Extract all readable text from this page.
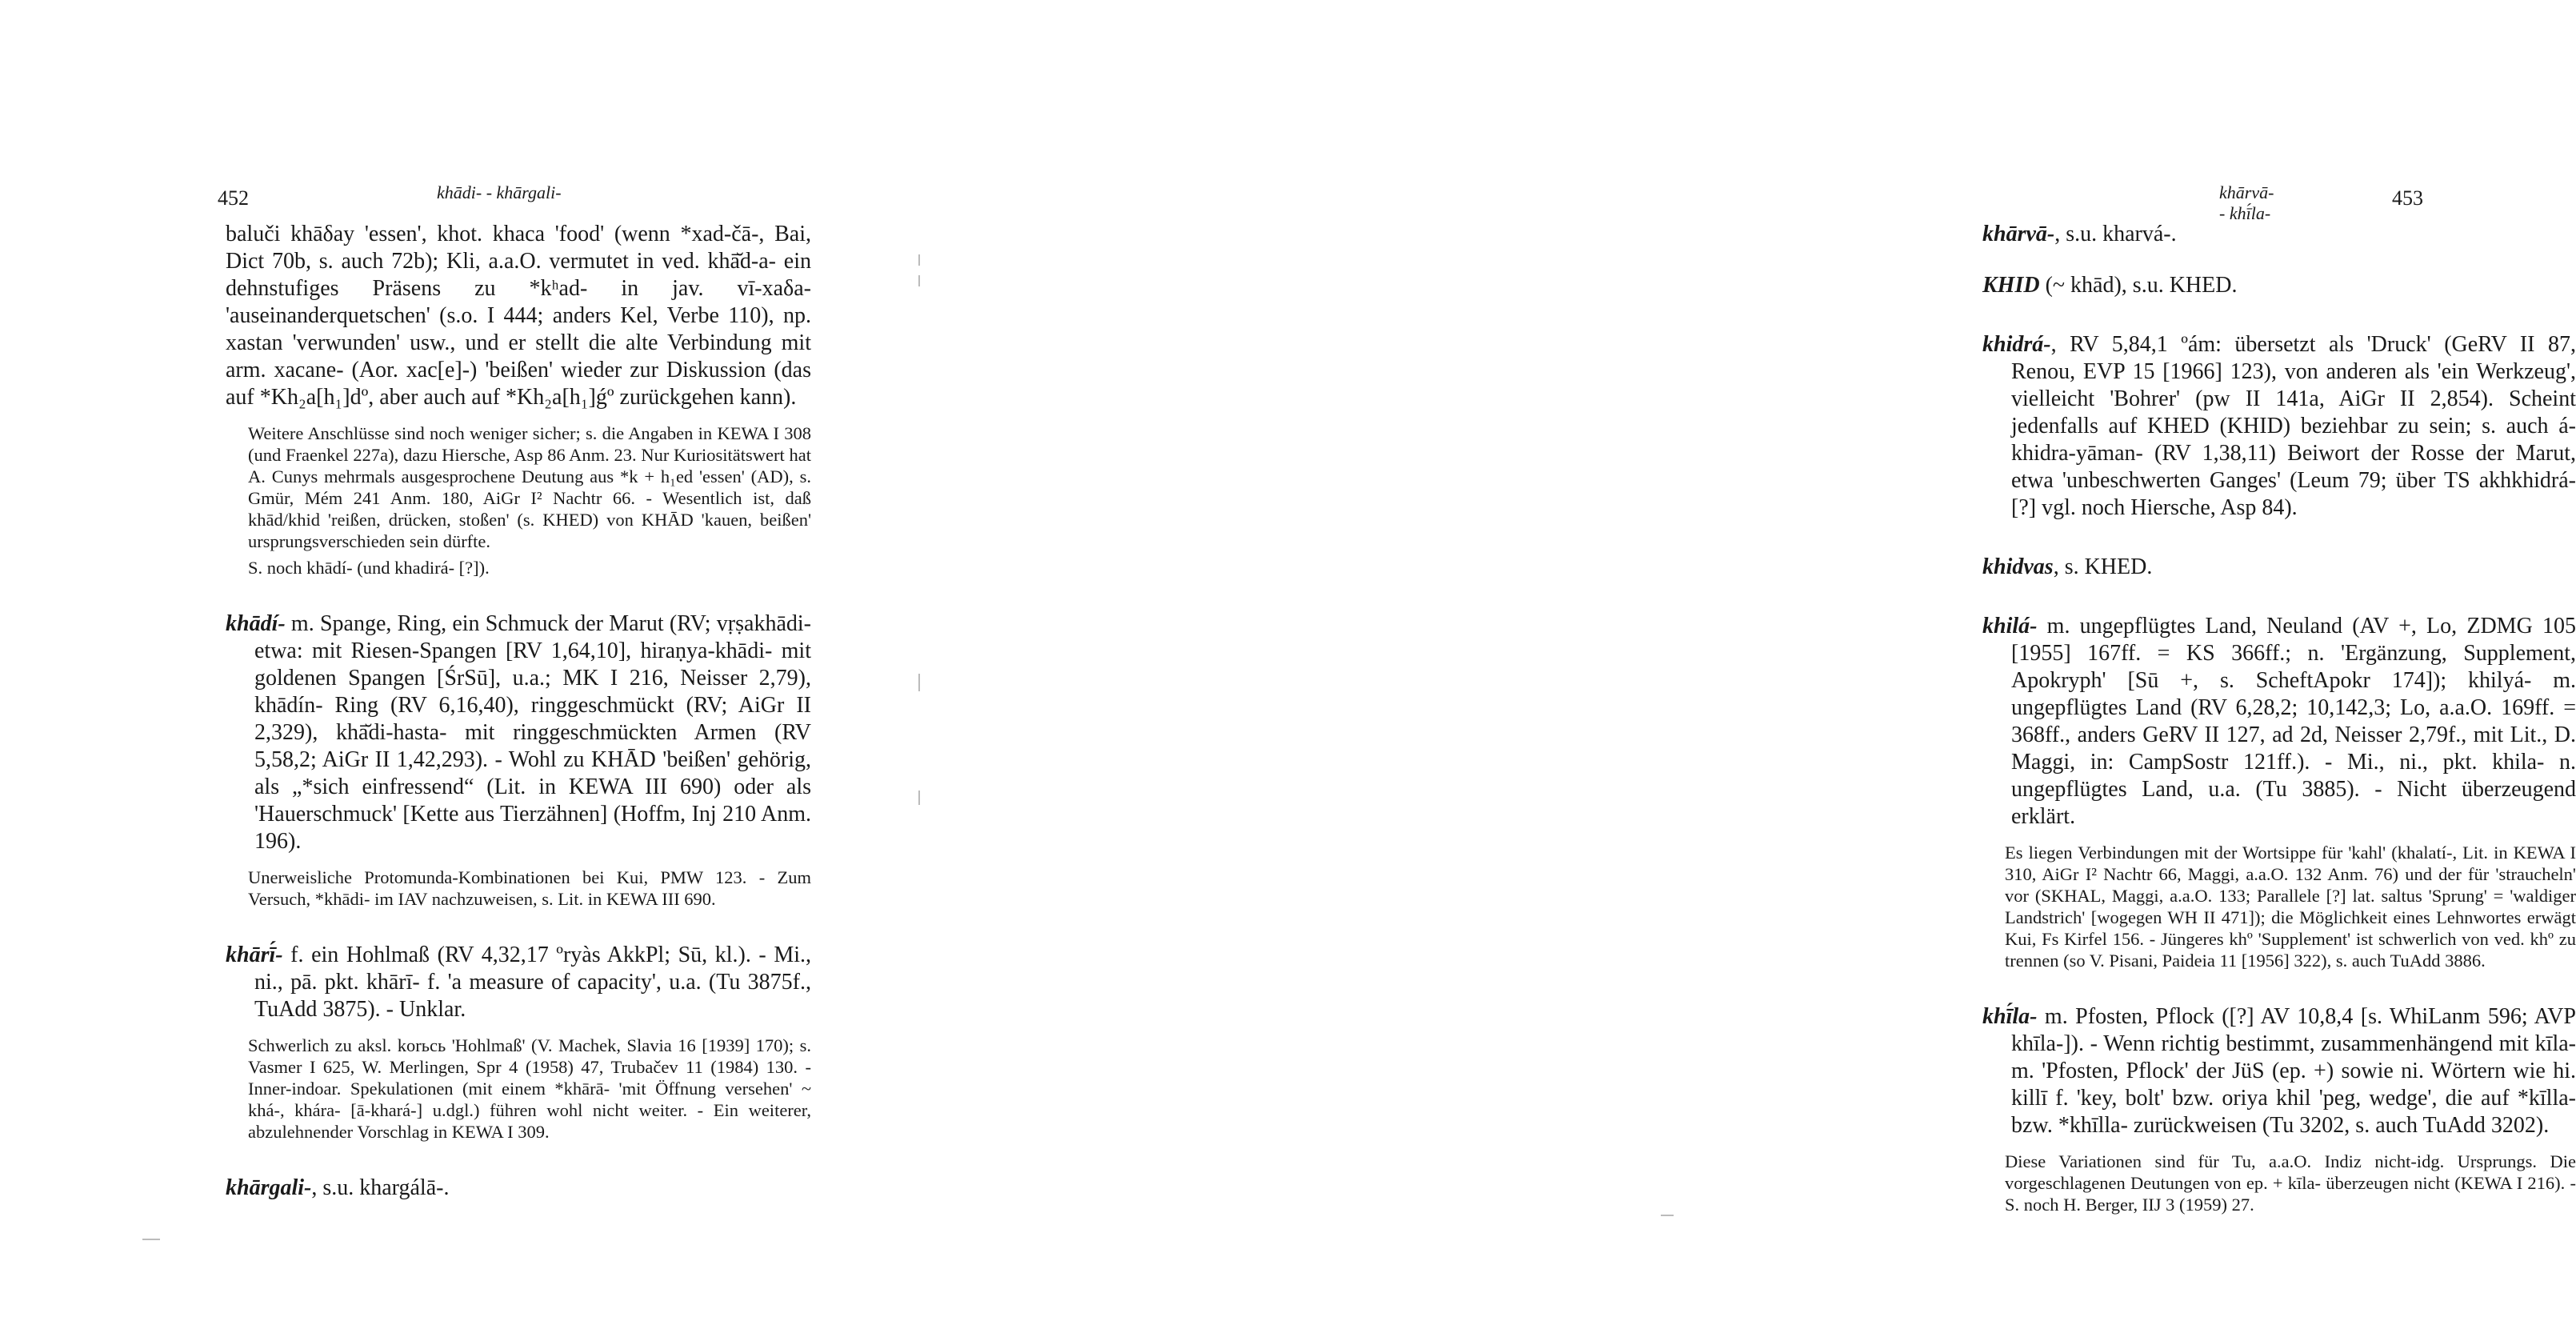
452	khādi- - khārgali-

baluči khāδay 'essen', khot. khaca 'food' (wenn *xad-čā-, Bai, Dict 70b, s. auch 72b); Kli, a.a.O. vermutet in ved. khā̆d-a- ein dehnstufiges Präsens zu *kʰad- in jav. vī-xaδa- 'auseinanderquetschen' (s.o. I 444; anders Kel, Verbe 110), np. xastan 'verwunden' usw., und er stellt die alte Verbindung mit arm. xacane- (Aor. xac[e]-) 'beißen' wieder zur Diskussion (das auf *Kh₂a[h₁]dº, aber auch auf *Kh₂a[h₁]ǵº zurückgehen kann).

Weitere Anschlüsse sind noch weniger sicher; s. die Angaben in KEWA I 308 (und Fraenkel 227a), dazu Hiersche, Asp 86 Anm. 23. Nur Kuriositätswert hat A. Cunys mehrmals ausgesprochene Deutung aus *k + h₁ed 'essen' (AD), s. Gmür, Mém 241 Anm. 180, AiGr I² Nachtr 66. - Wesentlich ist, daß khād/khid 'reißen, drücken, stoßen' (s. KHED) von KHĀD 'kauen, beißen' ursprungsverschieden sein dürfte.

S. noch khādí- (und khadirá- [?]).

khādí- m. Spange, Ring, ein Schmuck der Marut (RV; vṛṣakhādi- etwa: mit Riesen-Spangen [RV 1,64,10], hiraṇya-khādi- mit goldenen Spangen [ŚrSū], u.a.; MK I 216, Neisser 2,79), khādín- Ring (RV 6,16,40), ringgeschmückt (RV; AiGr II 2,329), khā̆di-hasta- mit ringgeschmückten Armen (RV 5,58,2; AiGr II 1,42,293). - Wohl zu KHĀD 'beißen' gehörig, als „*sich einfressend“ (Lit. in KEWA III 690) oder als 'Hauerschmuck' [Kette aus Tierzähnen] (Hoffm, Inj 210 Anm. 196).

Unerweisliche Protomunda-Kombinationen bei Kui, PMW 123. - Zum Versuch, *khādi- im IAV nachzuweisen, s. Lit. in KEWA III 690.

khārī́- f. ein Hohlmaß (RV 4,32,17 ºryàs AkkPl; Sū, kl.). - Mi., ni., pā. pkt. khārī- f. 'a measure of capacity', u.a. (Tu 3875f., TuAdd 3875). - Unklar.

Schwerlich zu aksl. korьcь 'Hohlmaß' (V. Machek, Slavia 16 [1939] 170); s. Vasmer I 625, W. Merlingen, Spr 4 (1958) 47, Trubačev 11 (1984) 130. - Inner-indoar. Spekulationen (mit einem *khārā- 'mit Öffnung versehen' ~ khá-, khára- [ā-khará-] u.dgl.) führen wohl nicht weiter. - Ein weiterer, abzulehnender Vorschlag in KEWA I 309.

khārgali-, s.u. khargálā-.

khārvā- - khī́la-
453

khārvā-, s.u. kharvá-.

KHID (~ khād), s.u. KHED.

khidrá-, RV 5,84,1 ºám: übersetzt als 'Druck' (GeRV II 87, Renou, EVP 15 [1966] 123), von anderen als 'ein Werkzeug', vielleicht 'Bohrer' (pw II 141a, AiGr II 2,854). Scheint jedenfalls auf KHED (KHID) beziehbar zu sein; s. auch á-khidra-yāman- (RV 1,38,11) Beiwort der Rosse der Marut, etwa 'unbeschwerten Ganges' (Leum 79; über TS akhkhidrá-[?] vgl. noch Hiersche, Asp 84).

khidvas, s. KHED.

khilá- m. ungepflügtes Land, Neuland (AV +, Lo, ZDMG 105 [1955] 167ff. = KS 366ff.; n. 'Ergänzung, Supplement, Apokryph' [Sū +, s. ScheftApokr 174]); khilyá- m. ungepflügtes Land (RV 6,28,2; 10,142,3; Lo, a.a.O. 169ff. = 368ff., anders GeRV II 127, ad 2d, Neisser 2,79f., mit Lit., D. Maggi, in: CampSostr 121ff.). - Mi., ni., pkt. khila- n. ungepflügtes Land, u.a. (Tu 3885). - Nicht überzeugend erklärt.

Es liegen Verbindungen mit der Wortsippe für 'kahl' (khalatí-, Lit. in KEWA I 310, AiGr I² Nachtr 66, Maggi, a.a.O. 132 Anm. 76) und der für 'straucheln' vor (SKHAL, Maggi, a.a.O. 133; Parallele [?] lat. saltus 'Sprung' = 'waldiger Landstrich' [wogegen WH II 471]); die Möglichkeit eines Lehnwortes erwägt Kui, Fs Kirfel 156. - Jüngeres khº 'Supplement' ist schwerlich von ved. khº zu trennen (so V. Pisani, Paideia 11 [1956] 322), s. auch TuAdd 3886.

khī́la- m. Pfosten, Pflock ([?] AV 10,8,4 [s. WhiLanm 596; AVP khīla-]). - Wenn richtig bestimmt, zusammenhängend mit kīla- m. 'Pfosten, Pflock' der JüS (ep. +) sowie ni. Wörtern wie hi. killī f. 'key, bolt' bzw. oriya khil 'peg, wedge', die auf *kīlla- bzw. *khīlla- zurückweisen (Tu 3202, s. auch TuAdd 3202).

Diese Variationen sind für Tu, a.a.O. Indiz nicht-idg. Ursprungs. Die vorgeschlagenen Deutungen von ep. + kīla- überzeugen nicht (KEWA I 216). - S. noch H. Berger, IIJ 3 (1959) 27.
